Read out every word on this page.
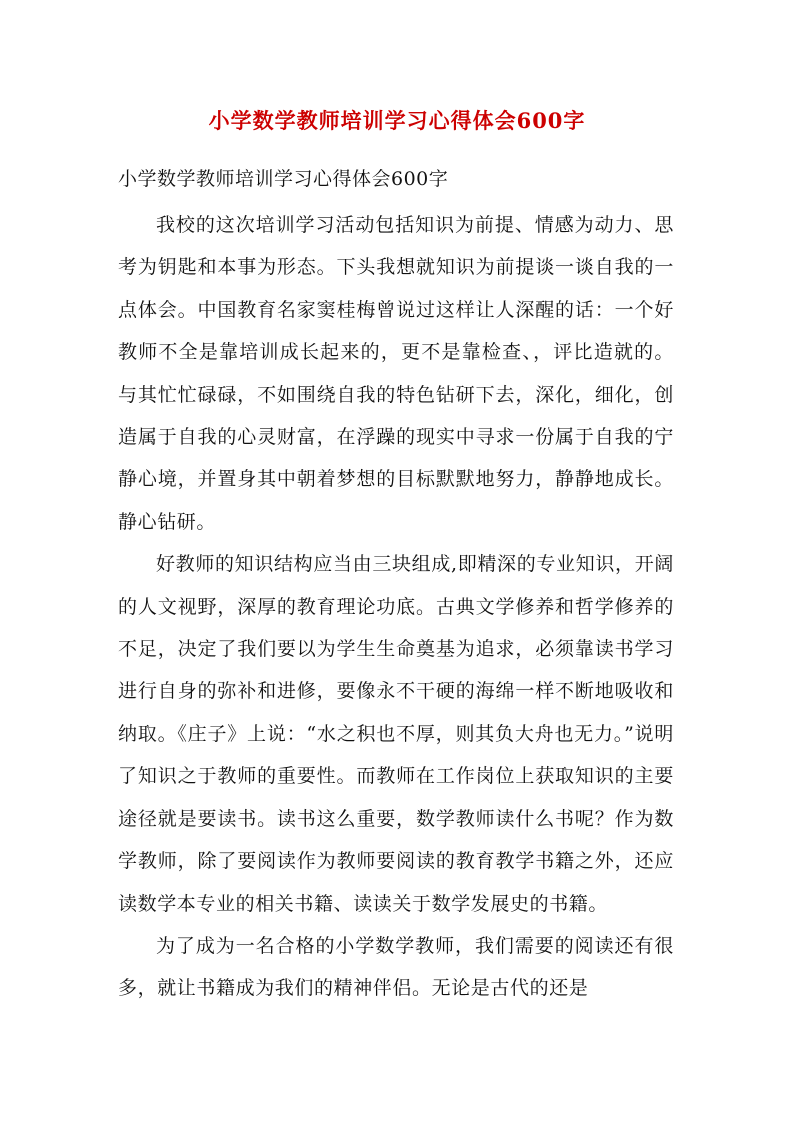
小学数学教师培训学习心得体会600字
小学数学教师培训学习心得体会600字

我校的这次培训学习活动包括知识为前提、情感为动力、思考为钥匙和本事为形态。下头我想就知识为前提谈一谈自我的一点体会。中国教育名家窦桂梅曾说过这样让人深醒的话：一个好教师不全是靠培训成长起来的，更不是靠检查、，评比造就的。与其忙忙碌碌，不如围绕自我的特色钻研下去，深化，细化，创造属于自我的心灵财富，在浮躁的现实中寻求一份属于自我的宁静心境，并置身其中朝着梦想的目标默默地努力，静静地成长。静心钻研。

好教师的知识结构应当由三块组成,即精深的专业知识，开阔的人文视野，深厚的教育理论功底。古典文学修养和哲学修养的不足，决定了我们要以为学生生命奠基为追求，必须靠读书学习进行自身的弥补和进修，要像永不干硬的海绵一样不断地吸收和纳取。《庄子》上说：“水之积也不厚，则其负大舟也无力。”说明了知识之于教师的重要性。而教师在工作岗位上获取知识的主要途径就是要读书。读书这么重要，数学教师读什么书呢？作为数学教师，除了要阅读作为教师要阅读的教育教学书籍之外，还应读数学本专业的相关书籍、读读关于数学发展史的书籍。

为了成为一名合格的小学数学教师，我们需要的阅读还有很多，就让书籍成为我们的精神伴侣。无论是古代的还是
